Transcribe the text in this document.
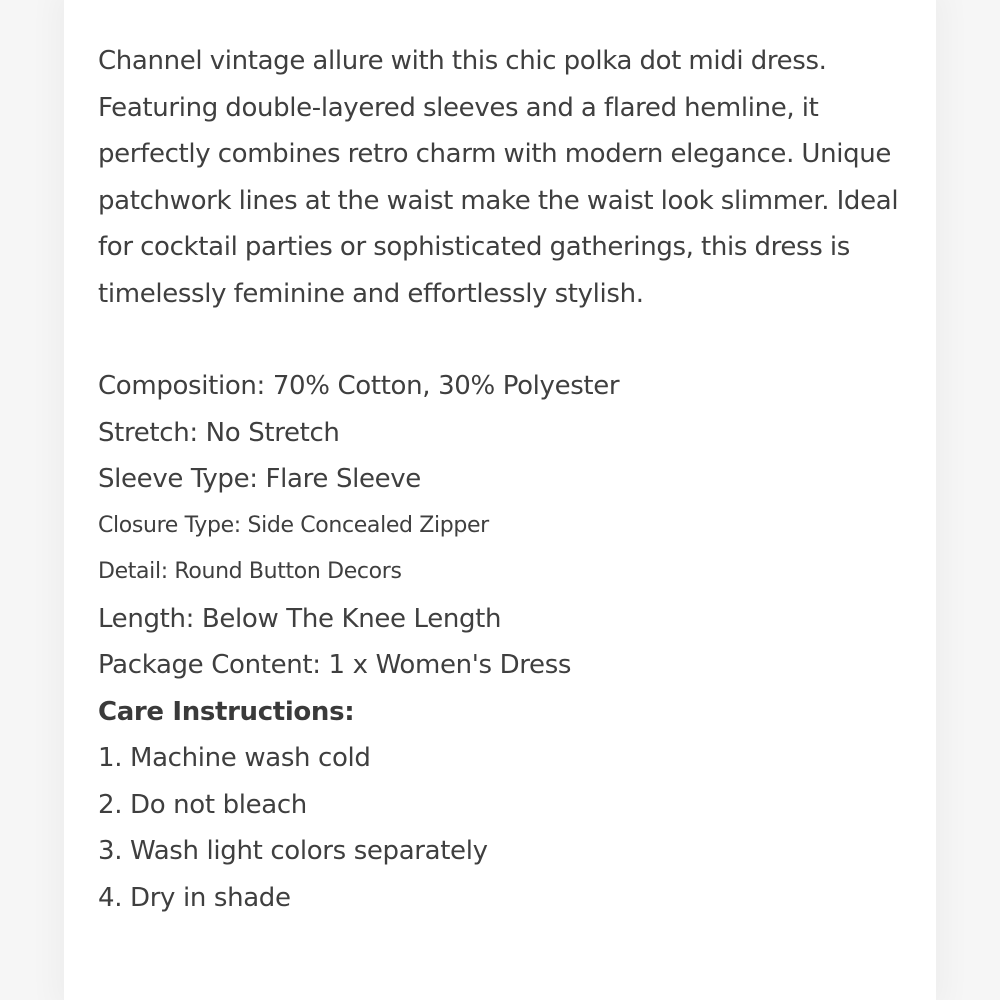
Channel vintage allure with this chic polka dot midi dress. Featuring double-layered sleeves and a flared hemline, it perfectly combines retro charm with modern elegance. Unique patchwork lines at the waist make the waist look slimmer. Ideal for cocktail parties or sophisticated gatherings, this dress is timelessly feminine and effortlessly stylish.

Composition: 70% Cotton, 30% Polyester
Stretch: No Stretch
Sleeve Type: Flare Sleeve
Closure Type: Side Concealed Zipper
Detail: Round Button Decors
Length: Below The Knee Length
Package Content: 1 x Women's Dress
Care Instructions:
1. Machine wash cold
2. Do not bleach
3. Wash light colors separately
4. Dry in shade
